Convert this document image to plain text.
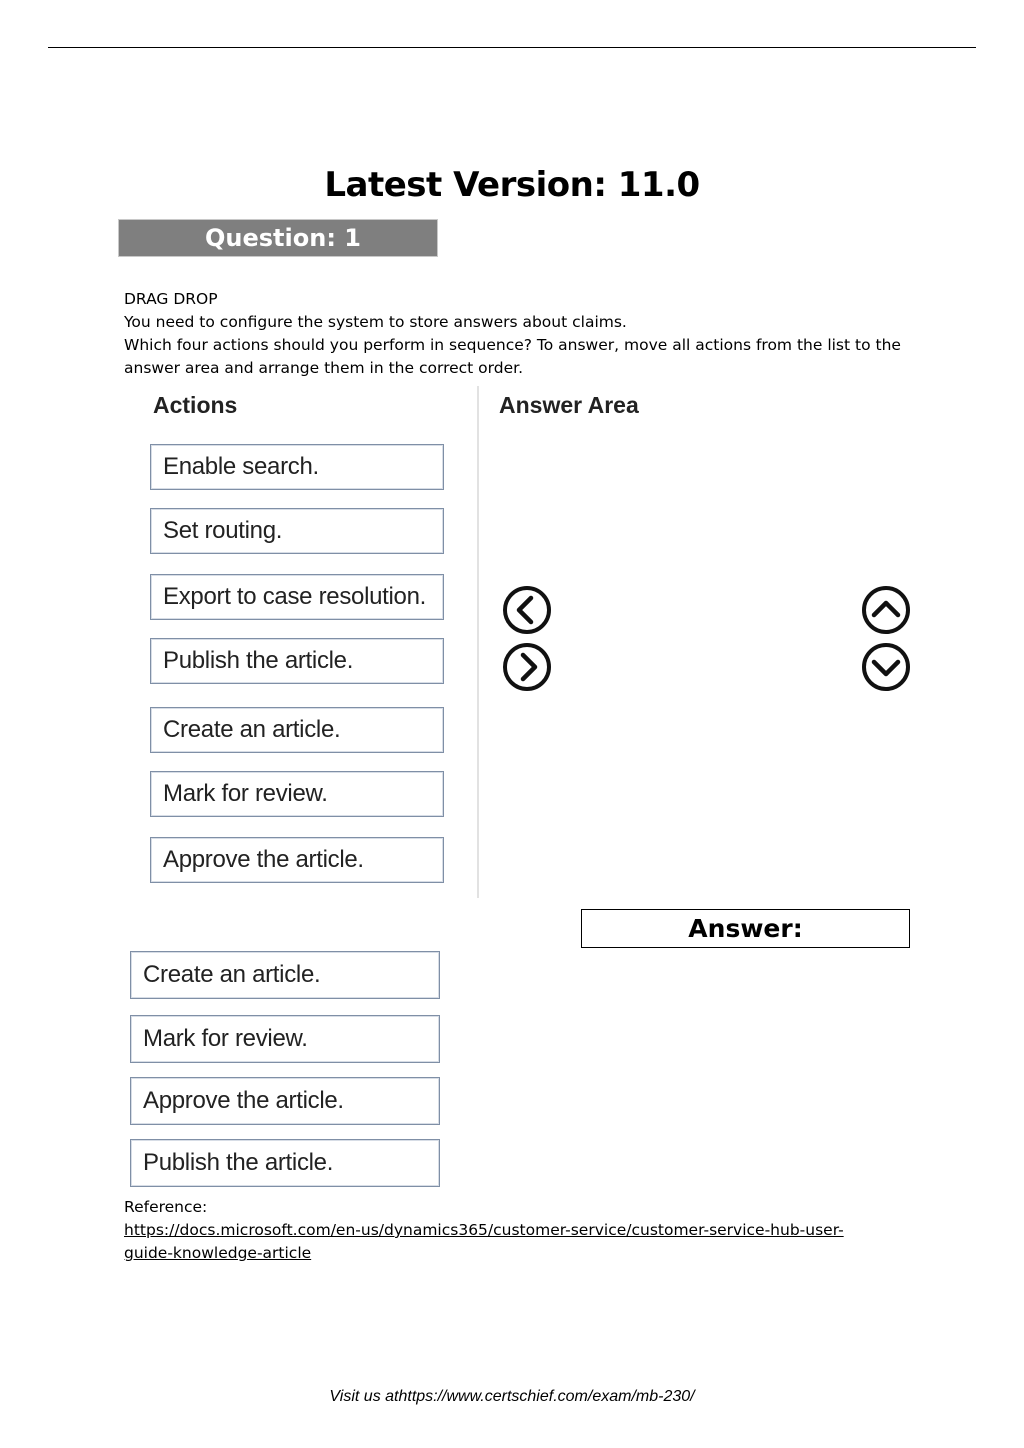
Latest Version: 11.0
Question: 1
DRAG DROP
You need to configure the system to store answers about claims.
Which four actions should you perform in sequence? To answer, move all actions from the list to the
answer area and arrange them in the correct order.
Actions	Answer Area
Enable search.
Set routing.
Export to case resolution.
Publish the article.
Create an article.
Mark for review.
Approve the article.
Answer:
Create an article.
Mark for review.
Approve the article.
Publish the article.
Reference:
https://docs.microsoft.com/en-us/dynamics365/customer-service/customer-service-hub-user-
guide-knowledge-article
Visit us athttps://www.certschief.com/exam/mb-230/
